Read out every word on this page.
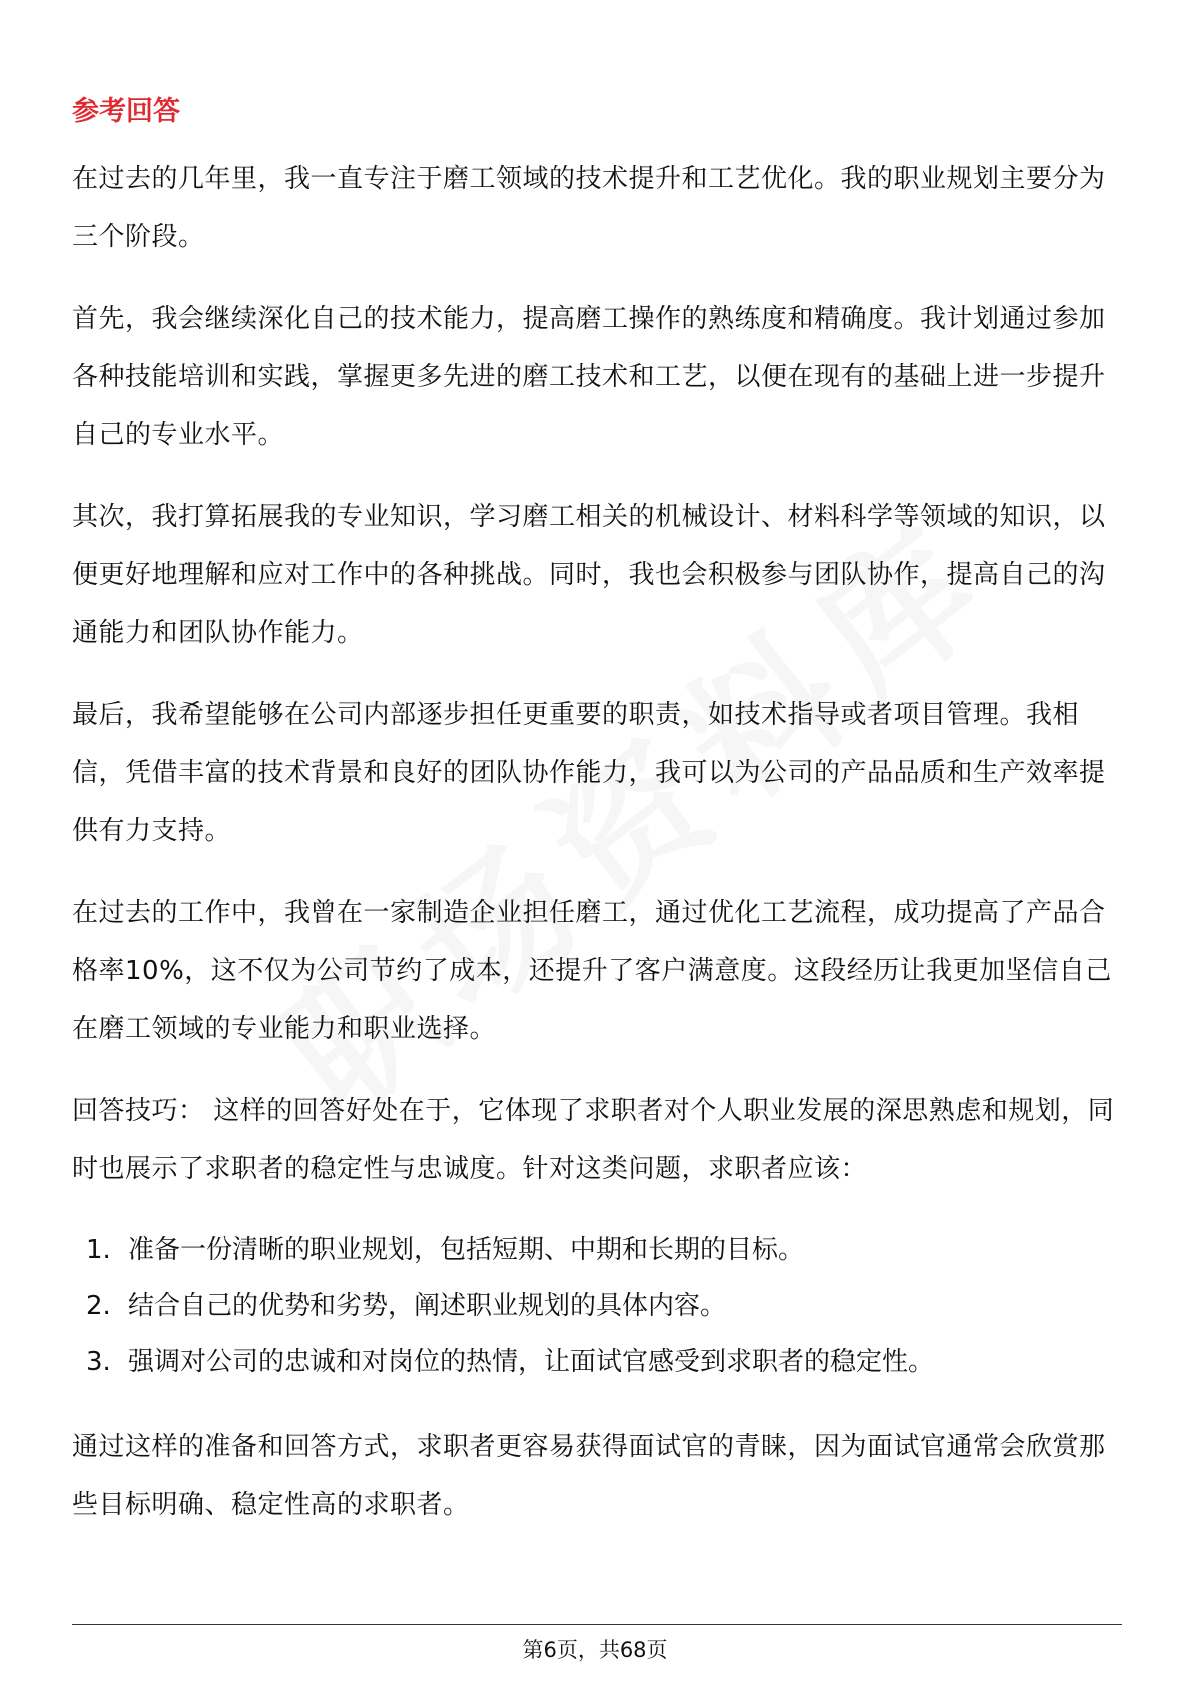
参考回答

在过去的几年里，我一直专注于磨工领域的技术提升和工艺优化。我的职业规划主要分为三个阶段。

首先，我会继续深化自己的技术能力，提高磨工操作的熟练度和精确度。我计划通过参加各种技能培训和实践，掌握更多先进的磨工技术和工艺，以便在现有的基础上进一步提升自己的专业水平。

其次，我打算拓展我的专业知识，学习磨工相关的机械设计、材料科学等领域的知识，以便更好地理解和应对工作中的各种挑战。同时，我也会积极参与团队协作，提高自己的沟通能力和团队协作能力。

最后，我希望能够在公司内部逐步担任更重要的职责，如技术指导或者项目管理。我相信，凭借丰富的技术背景和良好的团队协作能力，我可以为公司的产品品质和生产效率提供有力支持。

在过去的工作中，我曾在一家制造企业担任磨工，通过优化工艺流程，成功提高了产品合格率10%，这不仅为公司节约了成本，还提升了客户满意度。这段经历让我更加坚信自己在磨工领域的专业能力和职业选择。

回答技巧： 这样的回答好处在于，它体现了求职者对个人职业发展的深思熟虑和规划，同时也展示了求职者的稳定性与忠诚度。针对这类问题，求职者应该：

1. 准备一份清晰的职业规划，包括短期、中期和长期的目标。
2. 结合自己的优势和劣势，阐述职业规划的具体内容。
3. 强调对公司的忠诚和对岗位的热情，让面试官感受到求职者的稳定性。

通过这样的准备和回答方式，求职者更容易获得面试官的青睐，因为面试官通常会欣赏那些目标明确、稳定性高的求职者。

第6页，共68页
